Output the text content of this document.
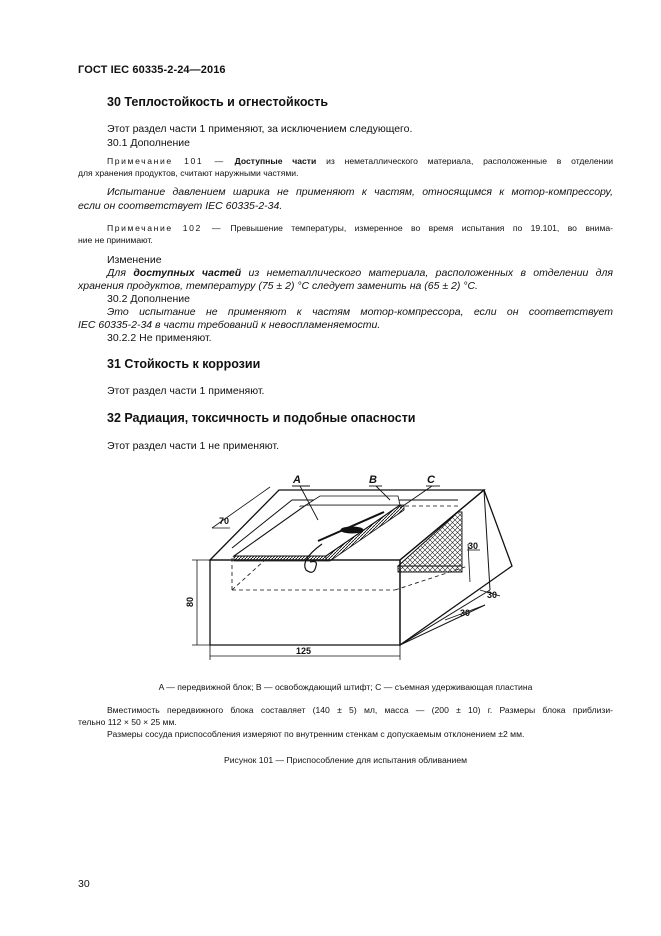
ГОСТ IEC 60335-2-24—2016
30 Теплостойкость и огнестойкость
Этот раздел части 1 применяют, за исключением следующего.
30.1 Дополнение
Примечание 101 — Доступные части из неметаллического материала, расположенные в отделении
для хранения продуктов, считают наружными частями.
Испытание давлением шарика не применяют к частям, относящимся к мотор-компрессору,
если он соответствует IEC 60335-2-34.
Примечание 102 — Превышение температуры, измеренное во время испытания по 19.101, во внима-
ние не принимают.
Изменение
Для доступных частей из неметаллического материала, расположенных в отделении для
хранения продуктов, температуру (75 ± 2) °С следует заменить на (65 ± 2) °С.
30.2 Дополнение
Это испытание не применяют к частям мотор-компрессора, если он соответствует
IEC 60335-2-34 в части требований к невоспламеняемости.
30.2.2 Не применяют.
31 Стойкость к коррозии
Этот раздел части 1 применяют.
32 Радиация, токсичность и подобные опасности
Этот раздел части 1 не применяют.
A	B	C
70
80
125
30
30
30
A — передвижной блок; B — освобождающий штифт; C — съемная удерживающая пластина
Вместимость передвижного блока составляет (140 ± 5) мл, масса — (200 ± 10) г. Размеры блока приблизи-
тельно 112 × 50 × 25 мм.
Размеры сосуда приспособления измеряют по внутренним стенкам с допускаемым отклонением ±2 мм.
Рисунок 101 — Приспособление для испытания обливанием
30
